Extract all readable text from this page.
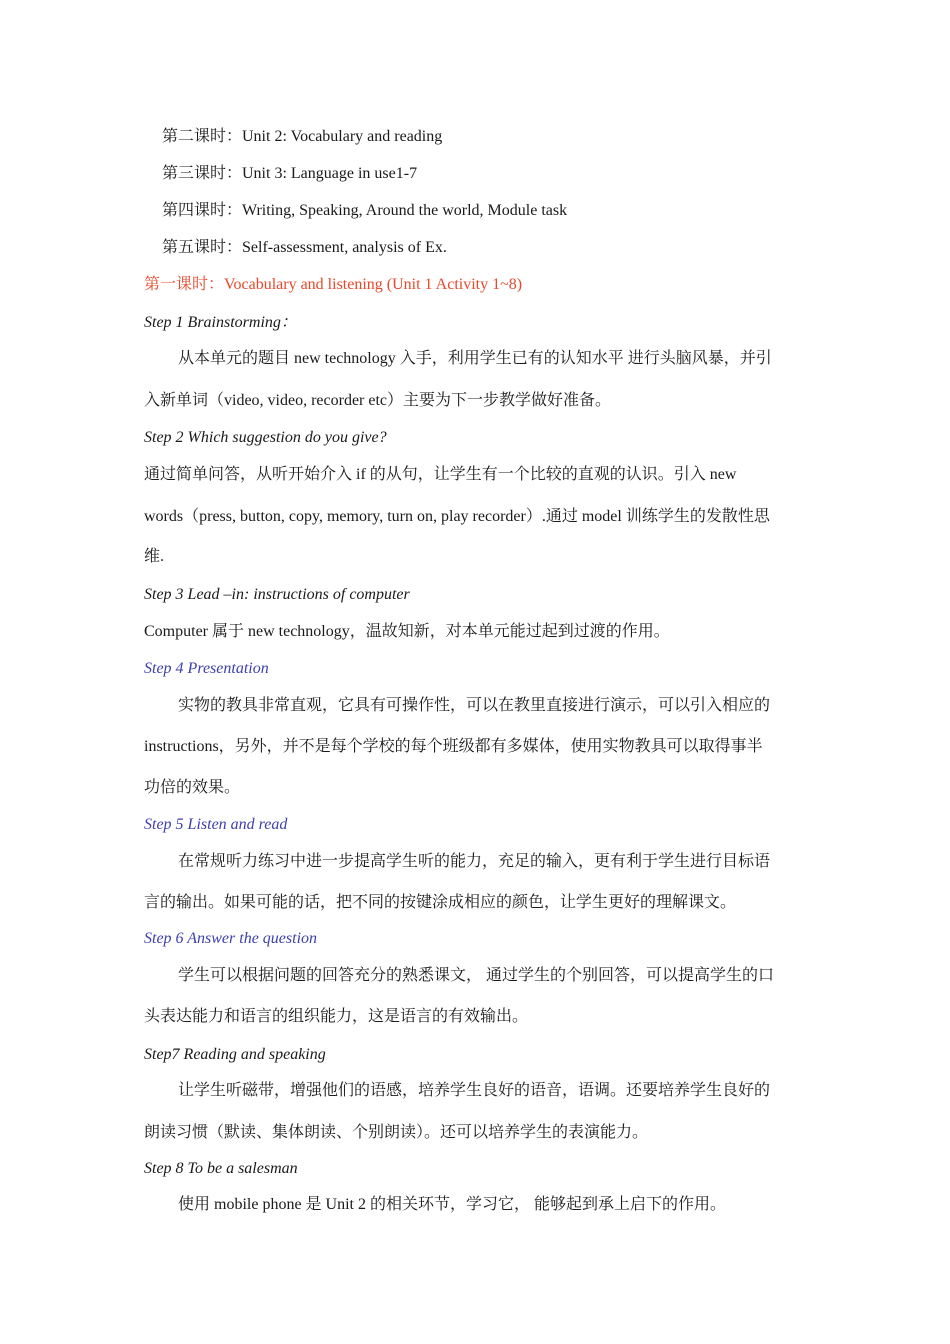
第二课时：Unit 2: Vocabulary and reading
第三课时：Unit 3: Language in use1-7
第四课时：Writing, Speaking, Around the world, Module task
第五课时：Self-assessment, analysis of Ex.
第一课时：Vocabulary and listening (Unit 1 Activity 1~8)
Step 1 Brainstorming：
从本单元的题目 new technology 入手，利用学生已有的认知水平 进行头脑风暴，并引
入新单词（video, video, recorder etc）主要为下一步教学做好准备。
Step 2 Which suggestion do you give?
通过简单问答，从听开始介入 if 的从句，让学生有一个比较的直观的认识。引入 new
words（press, button, copy, memory, turn on, play recorder）.通过 model 训练学生的发散性思
维.
Step 3 Lead –in: instructions of computer
Computer 属于 new technology，温故知新，对本单元能过起到过渡的作用。
Step 4 Presentation
实物的教具非常直观，它具有可操作性，可以在教里直接进行演示，可以引入相应的
instructions，另外，并不是每个学校的每个班级都有多媒体，使用实物教具可以取得事半
功倍的效果。
Step 5 Listen and read
在常规听力练习中进一步提高学生听的能力，充足的输入，更有利于学生进行目标语
言的输出。如果可能的话，把不同的按键涂成相应的颜色，让学生更好的理解课文。
Step 6 Answer the question
学生可以根据问题的回答充分的熟悉课文， 通过学生的个别回答，可以提高学生的口
头表达能力和语言的组织能力，这是语言的有效输出。
Step7 Reading and speaking
让学生听磁带，增强他们的语感，培养学生良好的语音，语调。还要培养学生良好的
朗读习惯（默读、集体朗读、个别朗读）。还可以培养学生的表演能力。
Step 8 To be a salesman
使用 mobile phone 是 Unit 2 的相关环节，学习它， 能够起到承上启下的作用。
